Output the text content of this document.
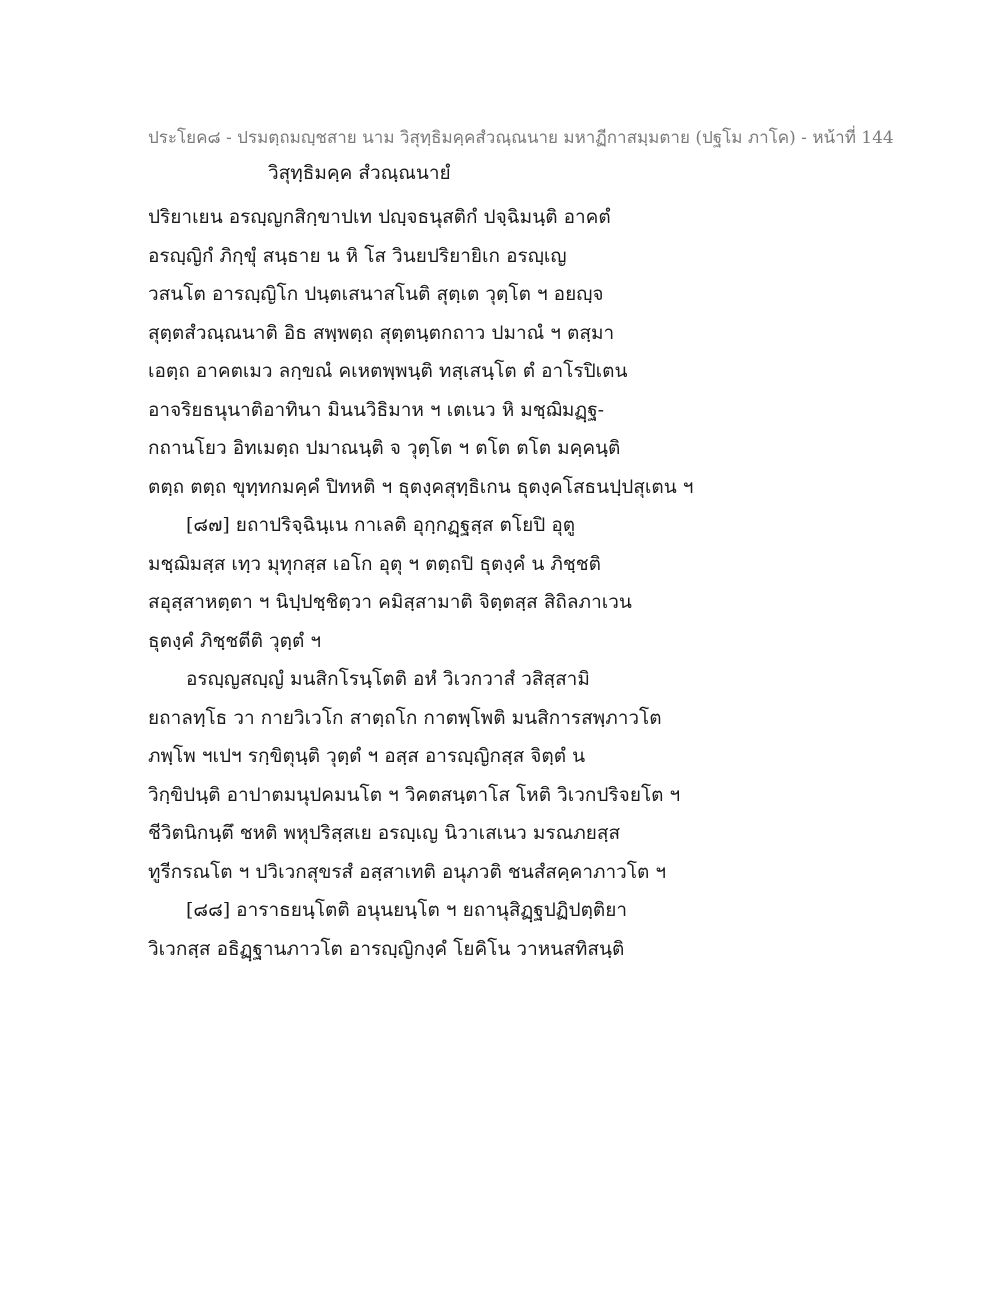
ประโยค๘ - ปรมตฺถมญฺชสาย นาม วิสุทฺธิมคฺคสํวณฺณนาย มหาฏีกาสมฺมตาย (ปฐโม ภาโค) - หน้าที่ 144
วิสุทฺธิมคฺค สํวณฺณนายํ
ปริยาเยน อรญฺญกสิกฺขาปเท ปญฺจธนุสติกํ ปจฺฉิมนฺติ อาคตํ
อรญฺญิกํ ภิกฺขุํ สนฺธาย น หิ โส วินยปริยายิเก อรญฺเญ
วสนโต อารญฺญิโก ปนฺตเสนาสโนติ สุตฺเต วุตฺโต ฯ อยญฺจ
สุตฺตสํวณฺณนาติ อิธ สพฺพตฺถ สุตฺตนฺตกถาว ปมาณํ ฯ ตสฺมา
เอตฺถ อาคตเมว ลกฺขณํ คเหตพฺพนฺติ ทสฺเสนฺโต ตํ อาโรปิเตน
อาจริยธนุนาติอาทินา มินนวิธิมาห ฯ เตเนว หิ มชฺฌิมฏฺฐ-
กถานโยว อิทเมตฺถ ปมาณนฺติ จ วุตฺโต ฯ ตโต ตโต มคฺคนฺติ
ตตฺถ ตตฺถ ขุทฺทกมคฺคํ ปิทหติ ฯ ธุตงฺคสุทฺธิเกน ธุตงฺคโสธนปฺปสุเตน ฯ
[๘๗] ยถาปริจฺฉินฺเน กาเลติ อุกฺกฏฺฐสฺส ตโยปิ อุตู
มชฺฌิมสฺส เทฺว มุทุกสฺส เอโก อุตุ ฯ ตตฺถปิ ธุตงฺคํ น ภิชฺชติ
สอุสฺสาหตฺตา ฯ นิปฺปชฺชิตฺวา คมิสฺสามาติ จิตฺตสฺส สิถิลภาเวน
ธุตงฺคํ ภิชฺชตีติ วุตฺตํ ฯ
อรญฺญสญฺญํ มนสิกโรนฺโตติ อหํ วิเวกวาสํ วสิสฺสามิ
ยถาลทฺโธ วา กายวิเวโก สาตฺถโก กาตพฺโพติ มนสิการสพฺภาวโต
ภพฺโพ ฯเปฯ รกฺขิตุนฺติ วุตฺตํ ฯ อสฺส อารญฺญิกสฺส จิตฺตํ น
วิกฺขิปนฺติ อาปาตมนุปคมนโต ฯ วิคตสนฺตาโส โหติ วิเวกปริจยโต ฯ
ชีวิตนิกนฺตึ ชหติ พหุปริสฺสเย อรญฺเญ นิวาเสเนว มรณภยสฺส
ทูรีกรณโต ฯ ปวิเวกสุขรสํ อสฺสาเทติ อนุภวติ ชนสํสคฺคาภาวโต ฯ
[๘๘] อาราธยนฺโตติ อนุนยนฺโต ฯ ยถานุสิฏฺฐปฏิปตฺติยา
วิเวกสฺส อธิฏฺฐานภาวโต อารญฺญิกงฺคํ โยคิโน วาหนสทิสนฺติ
